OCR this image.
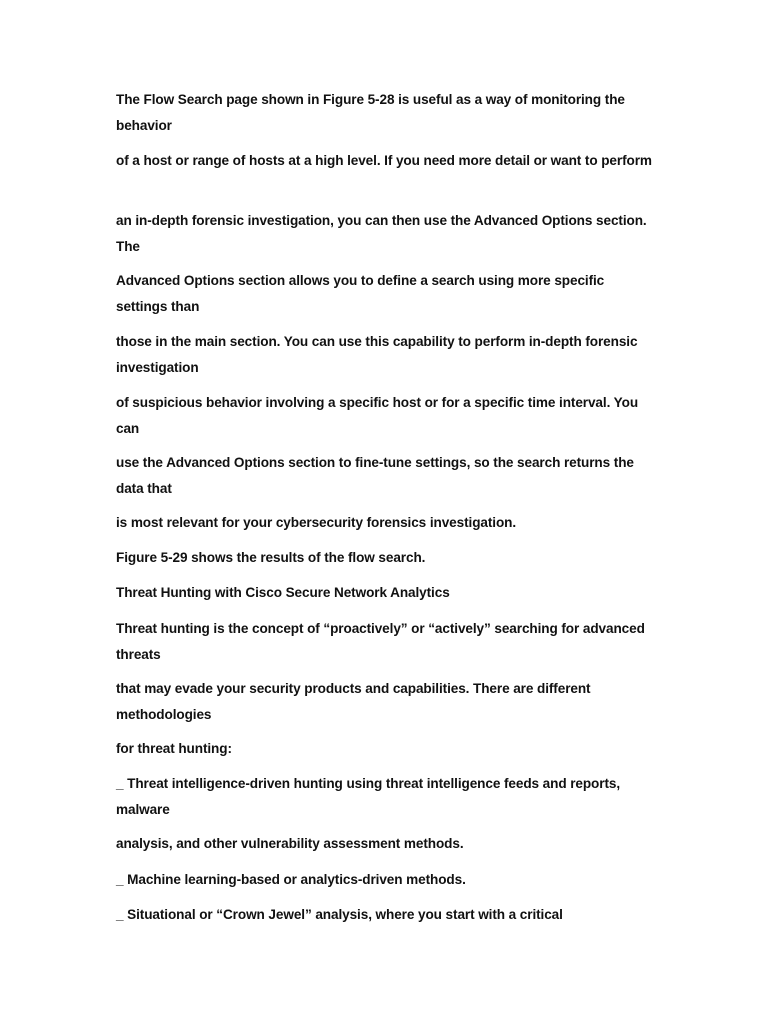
The Flow Search page shown in Figure 5-28 is useful as a way of monitoring the behavior

of a host or range of hosts at a high level. If you need more detail or want to perform

an in-depth forensic investigation, you can then use the Advanced Options section. The

Advanced Options section allows you to define a search using more specific settings than

those in the main section. You can use this capability to perform in-depth forensic investigation

of suspicious behavior involving a specific host or for a specific time interval. You can

use the Advanced Options section to fine-tune settings, so the search returns the data that

is most relevant for your cybersecurity forensics investigation.

Figure 5-29 shows the results of the flow search.

Threat Hunting with Cisco Secure Network Analytics

Threat hunting is the concept of “proactively” or “actively” searching for advanced threats

that may evade your security products and capabilities. There are different methodologies

for threat hunting:

_ Threat intelligence-driven hunting using threat intelligence feeds and reports, malware

analysis, and other vulnerability assessment methods.

_ Machine learning-based or analytics-driven methods.

_ Situational or “Crown Jewel” analysis, where you start with a critical
